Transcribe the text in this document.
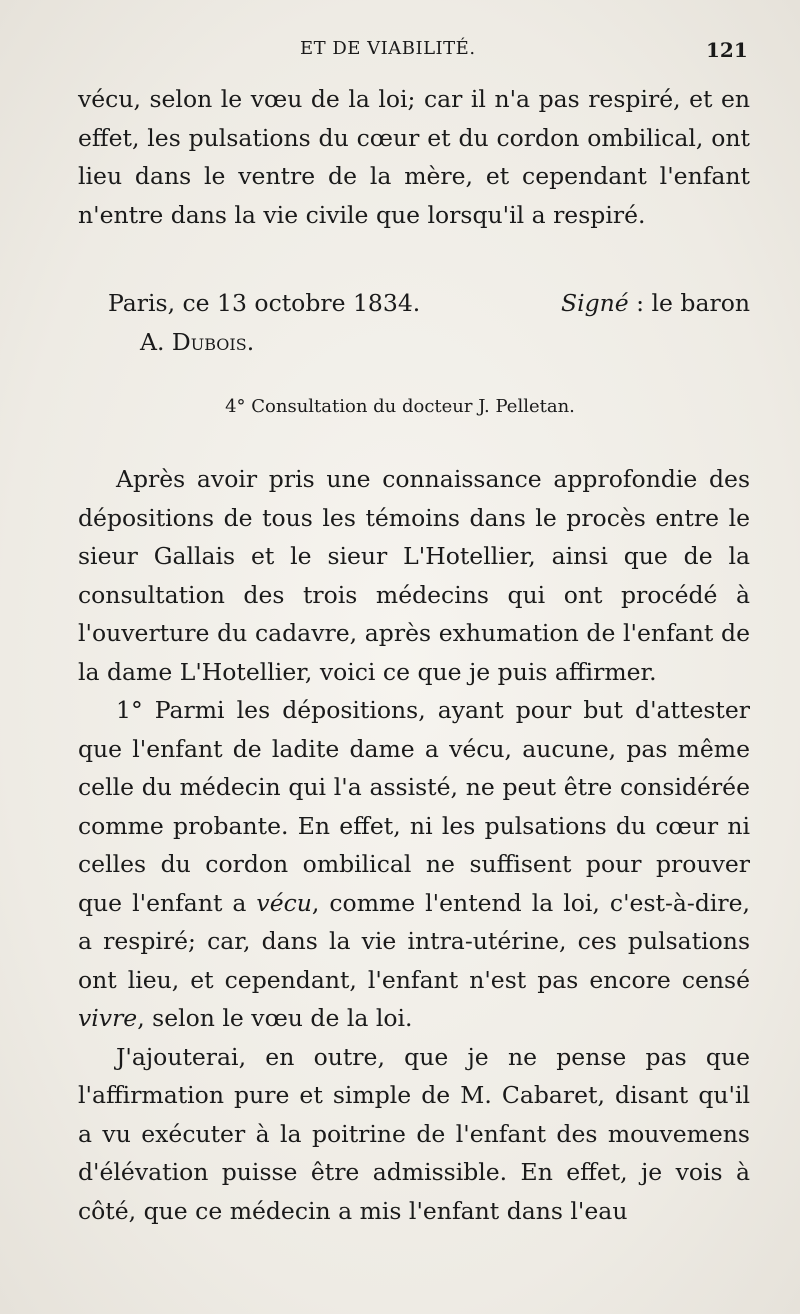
ET DE VIABILITÉ.	121

vécu, selon le vœu de la loi; car il n'a pas respiré, et en effet, les pulsations du cœur et du cordon ombilical, ont lieu dans le ventre de la mère, et cependant l'enfant n'entre dans la vie civile que lorsqu'il a respiré.

Paris, ce 13 octobre 1834.	Signé : le baron
A. Dubois.
4° Consultation du docteur J. Pelletan.

Après avoir pris une connaissance approfondie des dépositions de tous les témoins dans le procès entre le sieur Gallais et le sieur L'Hotellier, ainsi que de la consultation des trois médecins qui ont procédé à l'ouverture du cadavre, après exhumation de l'enfant de la dame L'Hotellier, voici ce que je puis affirmer.

1° Parmi les dépositions, ayant pour but d'attester que l'enfant de ladite dame a vécu, aucune, pas même celle du médecin qui l'a assisté, ne peut être considérée comme probante. En effet, ni les pulsations du cœur ni celles du cordon ombilical ne suffisent pour prouver que l'enfant a vécu, comme l'entend la loi, c'est-à-dire, a respiré; car, dans la vie intra-utérine, ces pulsations ont lieu, et cependant, l'enfant n'est pas encore censé vivre, selon le vœu de la loi.

J'ajouterai, en outre, que je ne pense pas que l'affirmation pure et simple de M. Cabaret, disant qu'il a vu exécuter à la poitrine de l'enfant des mouvemens d'élévation puisse être admissible. En effet, je vois à côté, que ce médecin a mis l'enfant dans l'eau
